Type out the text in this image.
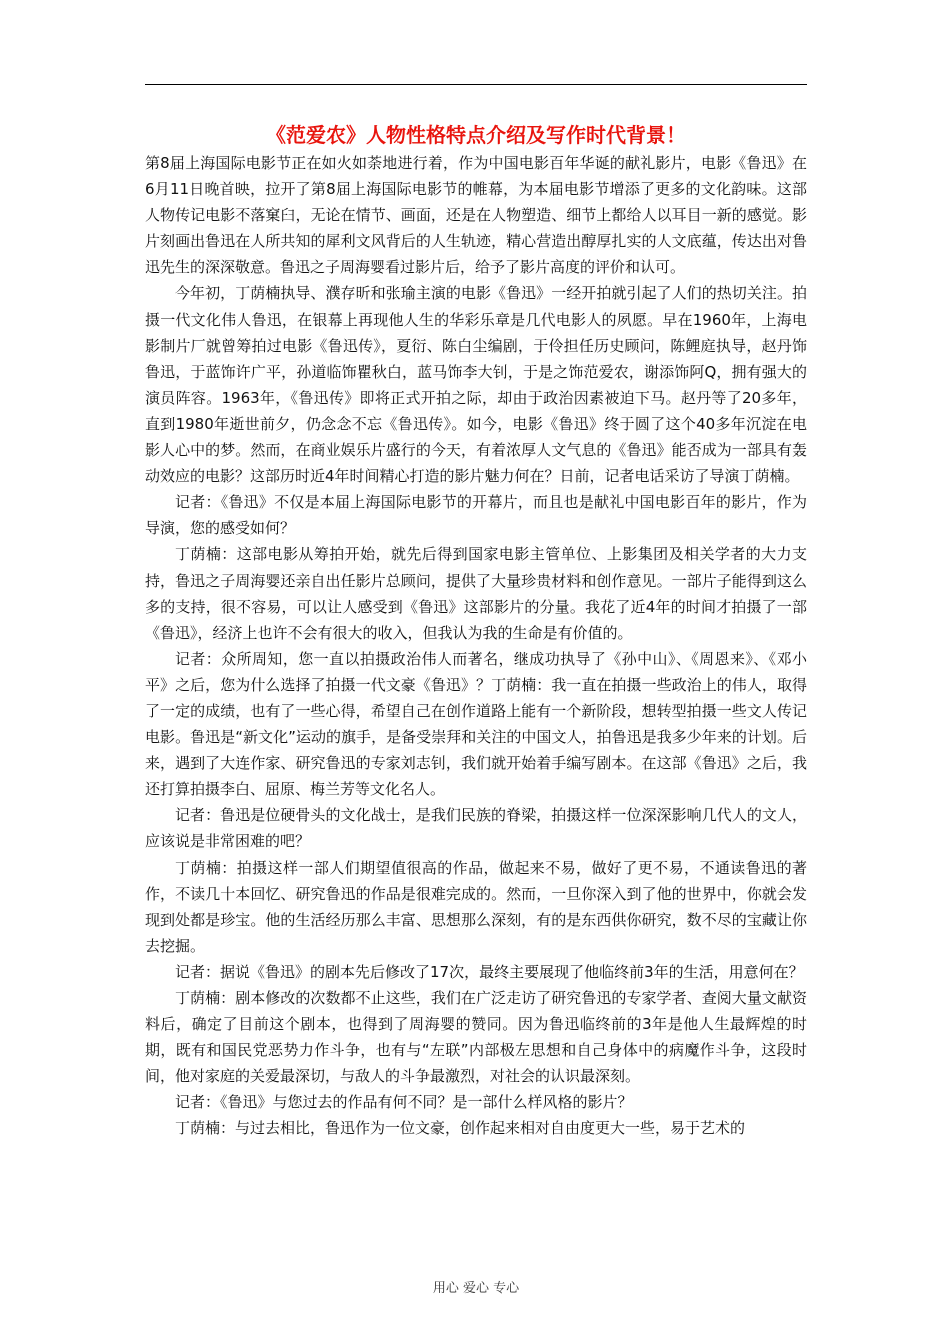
《范爱农》人物性格特点介绍及写作时代背景！

第8届上海国际电影节正在如火如荼地进行着，作为中国电影百年华诞的献礼影片，电影《鲁迅》在6月11日晚首映，拉开了第8届上海国际电影节的帷幕，为本届电影节增添了更多的文化韵味。这部人物传记电影不落窠臼，无论在情节、画面，还是在人物塑造、细节上都给人以耳目一新的感觉。影片刻画出鲁迅在人所共知的犀利文风背后的人生轨迹，精心营造出醇厚扎实的人文底蕴，传达出对鲁迅先生的深深敬意。鲁迅之子周海婴看过影片后，给予了影片高度的评价和认可。

今年初，丁荫楠执导、濮存昕和张瑜主演的电影《鲁迅》一经开拍就引起了人们的热切关注。拍摄一代文化伟人鲁迅，在银幕上再现他人生的华彩乐章是几代电影人的夙愿。早在1960年，上海电影制片厂就曾筹拍过电影《鲁迅传》，夏衍、陈白尘编剧，于伶担任历史顾问，陈鲤庭执导，赵丹饰鲁迅，于蓝饰许广平，孙道临饰瞿秋白，蓝马饰李大钊，于是之饰范爱农，谢添饰阿Q，拥有强大的演员阵容。1963年，《鲁迅传》即将正式开拍之际，却由于政治因素被迫下马。赵丹等了20多年，直到1980年逝世前夕，仍念念不忘《鲁迅传》。如今，电影《鲁迅》终于圆了这个40多年沉淀在电影人心中的梦。然而，在商业娱乐片盛行的今天，有着浓厚人文气息的《鲁迅》能否成为一部具有轰动效应的电影？这部历时近4年时间精心打造的影片魅力何在？日前，记者电话采访了导演丁荫楠。

记者：《鲁迅》不仅是本届上海国际电影节的开幕片，而且也是献礼中国电影百年的影片，作为导演，您的感受如何？

丁荫楠：这部电影从筹拍开始，就先后得到国家电影主管单位、上影集团及相关学者的大力支持，鲁迅之子周海婴还亲自出任影片总顾问，提供了大量珍贵材料和创作意见。一部片子能得到这么多的支持，很不容易，可以让人感受到《鲁迅》这部影片的分量。我花了近4年的时间才拍摄了一部《鲁迅》，经济上也许不会有很大的收入，但我认为我的生命是有价值的。

记者：众所周知，您一直以拍摄政治伟人而著名，继成功执导了《孙中山》、《周恩来》、《邓小平》之后，您为什么选择了拍摄一代文豪《鲁迅》？丁荫楠：我一直在拍摄一些政治上的伟人，取得了一定的成绩，也有了一些心得，希望自己在创作道路上能有一个新阶段，想转型拍摄一些文人传记电影。鲁迅是“新文化”运动的旗手，是备受崇拜和关注的中国文人，拍鲁迅是我多少年来的计划。后来，遇到了大连作家、研究鲁迅的专家刘志钊，我们就开始着手编写剧本。在这部《鲁迅》之后，我还打算拍摄李白、屈原、梅兰芳等文化名人。

记者：鲁迅是位硬骨头的文化战士，是我们民族的脊梁，拍摄这样一位深深影响几代人的文人，应该说是非常困难的吧？

丁荫楠：拍摄这样一部人们期望值很高的作品，做起来不易，做好了更不易，不通读鲁迅的著作，不读几十本回忆、研究鲁迅的作品是很难完成的。然而，一旦你深入到了他的世界中，你就会发现到处都是珍宝。他的生活经历那么丰富、思想那么深刻，有的是东西供你研究，数不尽的宝藏让你去挖掘。

记者：据说《鲁迅》的剧本先后修改了17次，最终主要展现了他临终前3年的生活，用意何在？

丁荫楠：剧本修改的次数都不止这些，我们在广泛走访了研究鲁迅的专家学者、查阅大量文献资料后，确定了目前这个剧本，也得到了周海婴的赞同。因为鲁迅临终前的3年是他人生最辉煌的时期，既有和国民党恶势力作斗争，也有与“左联”内部极左思想和自己身体中的病魔作斗争，这段时间，他对家庭的关爱最深切，与敌人的斗争最激烈，对社会的认识最深刻。

记者：《鲁迅》与您过去的作品有何不同？是一部什么样风格的影片？

丁荫楠：与过去相比，鲁迅作为一位文豪，创作起来相对自由度更大一些，易于艺术的

用心 爱心 专心
